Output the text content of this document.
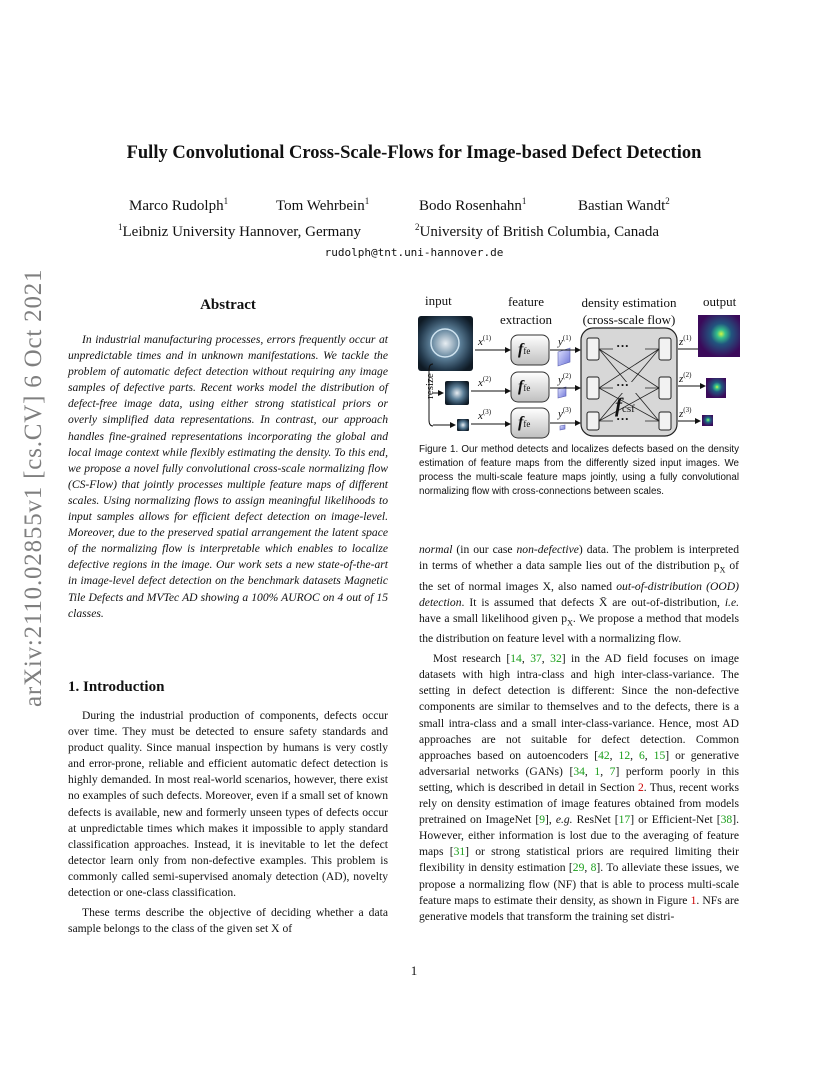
arXiv:2110.02855v1 [cs.CV] 6 Oct 2021
Fully Convolutional Cross-Scale-Flows for Image-based Defect Detection
Marco Rudolph$^1$	Tom Wehrbein$^1$	Bodo Rosenhahn$^1$	Bastian Wandt$^2$
$^1$Leibniz University Hannover, Germany	$^2$University of British Columbia, Canada
rudolph@tnt.uni-hannover.de
Abstract
In industrial manufacturing processes, errors frequently occur at unpredictable times and in unknown manifestations. We tackle the problem of automatic defect detection without requiring any image samples of defective parts. Recent works model the distribution of defect-free image data, using either strong statistical priors or overly simplified data representations. In contrast, our approach handles fine-grained representations incorporating the global and local image context while flexibly estimating the density. To this end, we propose a novel fully convolutional cross-scale normalizing flow (CS-Flow) that jointly processes multiple feature maps of different scales. Using normalizing flows to assign meaningful likelihoods to input samples allows for efficient defect detection on image-level. Moreover, due to the preserved spatial arrangement the latent space of the normalizing flow is interpretable which enables to localize defective regions in the image. Our work sets a new state-of-the-art in image-level defect detection on the benchmark datasets Magnetic Tile Defects and MVTec AD showing a 100% AUROC on 4 out of 15 classes.
1. Introduction

During the industrial production of components, defects occur over time. They must be detected to ensure safety standards and product quality. Since manual inspection by humans is very costly and error-prone, reliable and efficient automatic defect detection is highly demanded. In most real-world scenarios, however, there exist no examples of such defects. Moreover, even if a small set of known defects is available, new and formerly unseen types of defects occur at unpredictable times which makes it impossible to apply standard classification approaches. Instead, it is inevitable to let the defect detector learn only from non-defective examples. This problem is commonly called semi-supervised anomaly detection (AD), novelty detection or one-class classification.

These terms describe the objective of deciding whether a data sample belongs to the class of the given set X of

input	feature
extraction
density estimation
(cross-scale flow)
output
resize
$x^{(1)}$
$x^{(2)}$
$x^{(3)}$
$y^{(1)}$
$y^{(2)}$
$y^{(3)}$
$z^{(1)}$
$z^{(2)}$
$z^{(3)}$
ffe
ffe
ffe
fcsf
···
···
···
Figure 1. Our method detects and localizes defects based on the density estimation of feature maps from the differently sized input images. We process the multi-scale feature maps jointly, using a fully convolutional normalizing flow with cross-connections between scales.

normal (in our case non-defective) data. The problem is interpreted in terms of whether a data sample lies out of the distribution $p_X$ of the set of normal images X, also named out-of-distribution (OOD) detection. It is assumed that defects X̄ are out-of-distribution, i.e. have a small likelihood given $p_X$. We propose a method that models the distribution on feature level with a normalizing flow.

Most research [14, 37, 32] in the AD field focuses on image datasets with high intra-class and high inter-class-variance. The setting in defect detection is different: Since the non-defective components are similar to themselves and to the defects, there is a small intra-class and a small inter-class-variance. Hence, most AD approaches are not suitable for defect detection. Common approaches based on autoencoders [42, 12, 6, 15] or generative adversarial networks (GANs) [34, 1, 7] perform poorly in this setting, which is described in detail in Section 2. Thus, recent works rely on density estimation of image features obtained from models pretrained on ImageNet [9], e.g. ResNet [17] or Efficient-Net [38]. However, either information is lost due to the averaging of feature maps [31] or strong statistical priors are required limiting their flexibility in density estimation [29, 8]. To alleviate these issues, we propose a normalizing flow (NF) that is able to process multi-scale feature maps to estimate their density, as shown in Figure 1. NFs are generative models that transform the training set distri-

1
